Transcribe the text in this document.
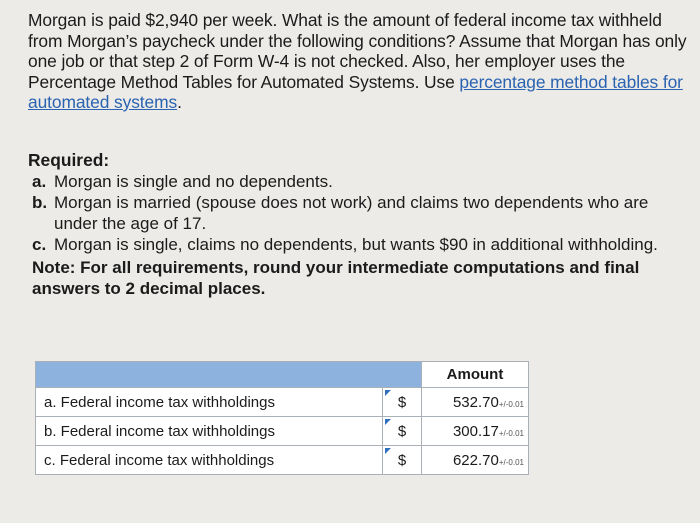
Morgan is paid $2,940 per week. What is the amount of federal income tax withheld from Morgan’s paycheck under the following conditions? Assume that Morgan has only one job or that step 2 of Form W-4 is not checked. Also, her employer uses the Percentage Method Tables for Automated Systems. Use percentage method tables for automated systems.

Required:
a. Morgan is single and no dependents.
b. Morgan is married (spouse does not work) and claims two dependents who are under the age of 17.
c. Morgan is single, claims no dependents, but wants $90 in additional withholding.
Note: For all requirements, round your intermediate computations and final answers to 2 decimal places.
		Amount
a. Federal income tax withholdings	$	532.70+/-0.01
b. Federal income tax withholdings	$	300.17+/-0.01
c. Federal income tax withholdings	$	622.70+/-0.01
